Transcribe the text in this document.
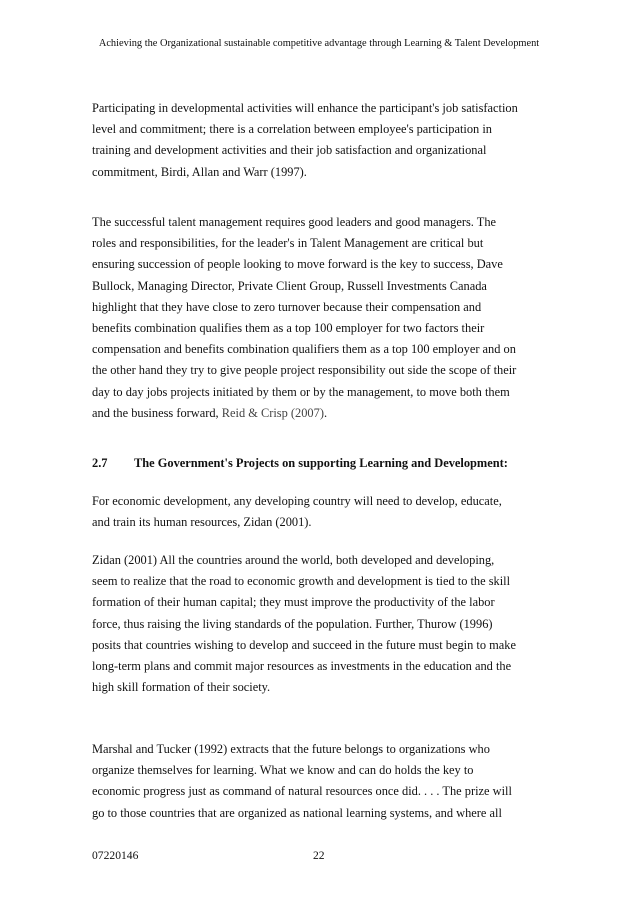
Achieving the Organizational sustainable competitive advantage through Learning & Talent Development
Participating in developmental activities will enhance the participant's job satisfaction
level and commitment; there is a correlation between employee's participation in
training and development activities and their job satisfaction and organizational
commitment, Birdi, Allan and Warr (1997).
The successful talent management requires good leaders and good managers. The
roles and responsibilities, for the leader's in Talent Management are critical but
ensuring succession of people looking to move forward is the key to success, Dave
Bullock, Managing Director, Private Client Group, Russell Investments Canada
highlight that they have close to zero turnover because their compensation and
benefits combination qualifies them as a top 100 employer for two factors their
compensation and benefits combination qualifiers them as a top 100 employer and on
the other hand they try to give people project responsibility out side the scope of their
day to day jobs projects initiated by them or by the management, to move both them
and the business forward, Reid & Crisp (2007).
2.7 The Government's Projects on supporting Learning and Development:
For economic development, any developing country will need to develop, educate,
and train its human resources, Zidan (2001).
Zidan (2001) All the countries around the world, both developed and developing,
seem to realize that the road to economic growth and development is tied to the skill
formation of their human capital; they must improve the productivity of the labor
force, thus raising the living standards of the population. Further, Thurow (1996)
posits that countries wishing to develop and succeed in the future must begin to make
long-term plans and commit major resources as investments in the education and the
high skill formation of their society.
Marshal and Tucker (1992) extracts that the future belongs to organizations who
organize themselves for learning. What we know and can do holds the key to
economic progress just as command of natural resources once did. . . . The prize will
go to those countries that are organized as national learning systems, and where all
07220146	22
